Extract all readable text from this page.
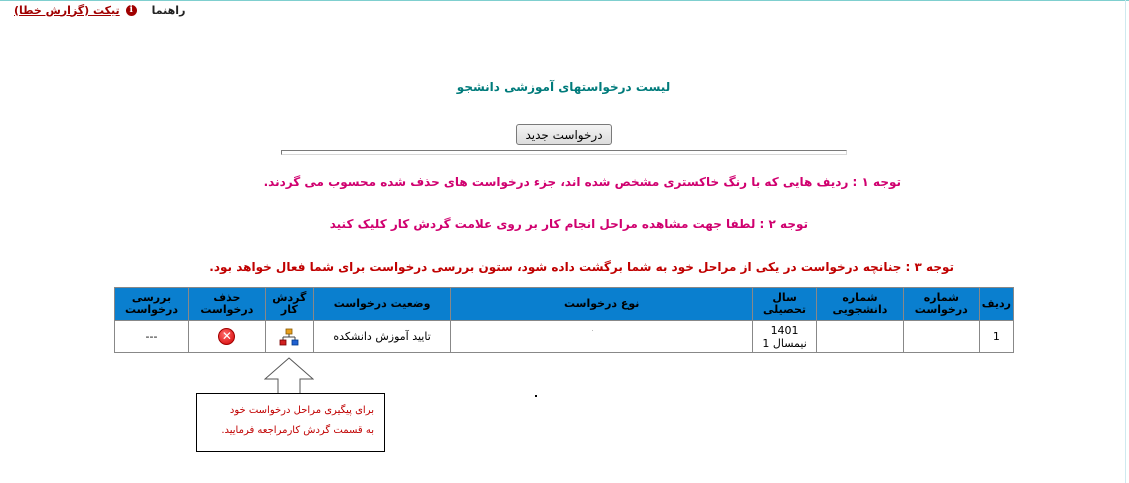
تیکت (گزارش خطا)	i	راهنما
لیست درخواستهای آموزشی دانشجو
درخواست جدید
توجه ۱ : ردیف هایی که با رنگ خاکستری مشخص شده اند، جزء درخواست های حذف شده محسوب می گردند.
توجه ۲ : لطفا جهت مشاهده مراحل انجام کار بر روی علامت گردش کار کلیک کنید
توجه ۳ : جنانچه درخواست در یکی از مراحل خود به شما برگشت داده شود، ستون بررسی درخواست برای شما فعال خواهد بود.
ردیف	شماره درخواست	شماره دانشجویی	سال تحصیلی	نوع درخواست	وضعیت درخواست	گردش کار	حذف درخواست	بررسی درخواست
1			1401
نیمسال 1		تایید آموزش دانشکده		✕	---
برای پیگیری مراحل درخواست خود
به قسمت گردش کارمراجعه فرمایید.
